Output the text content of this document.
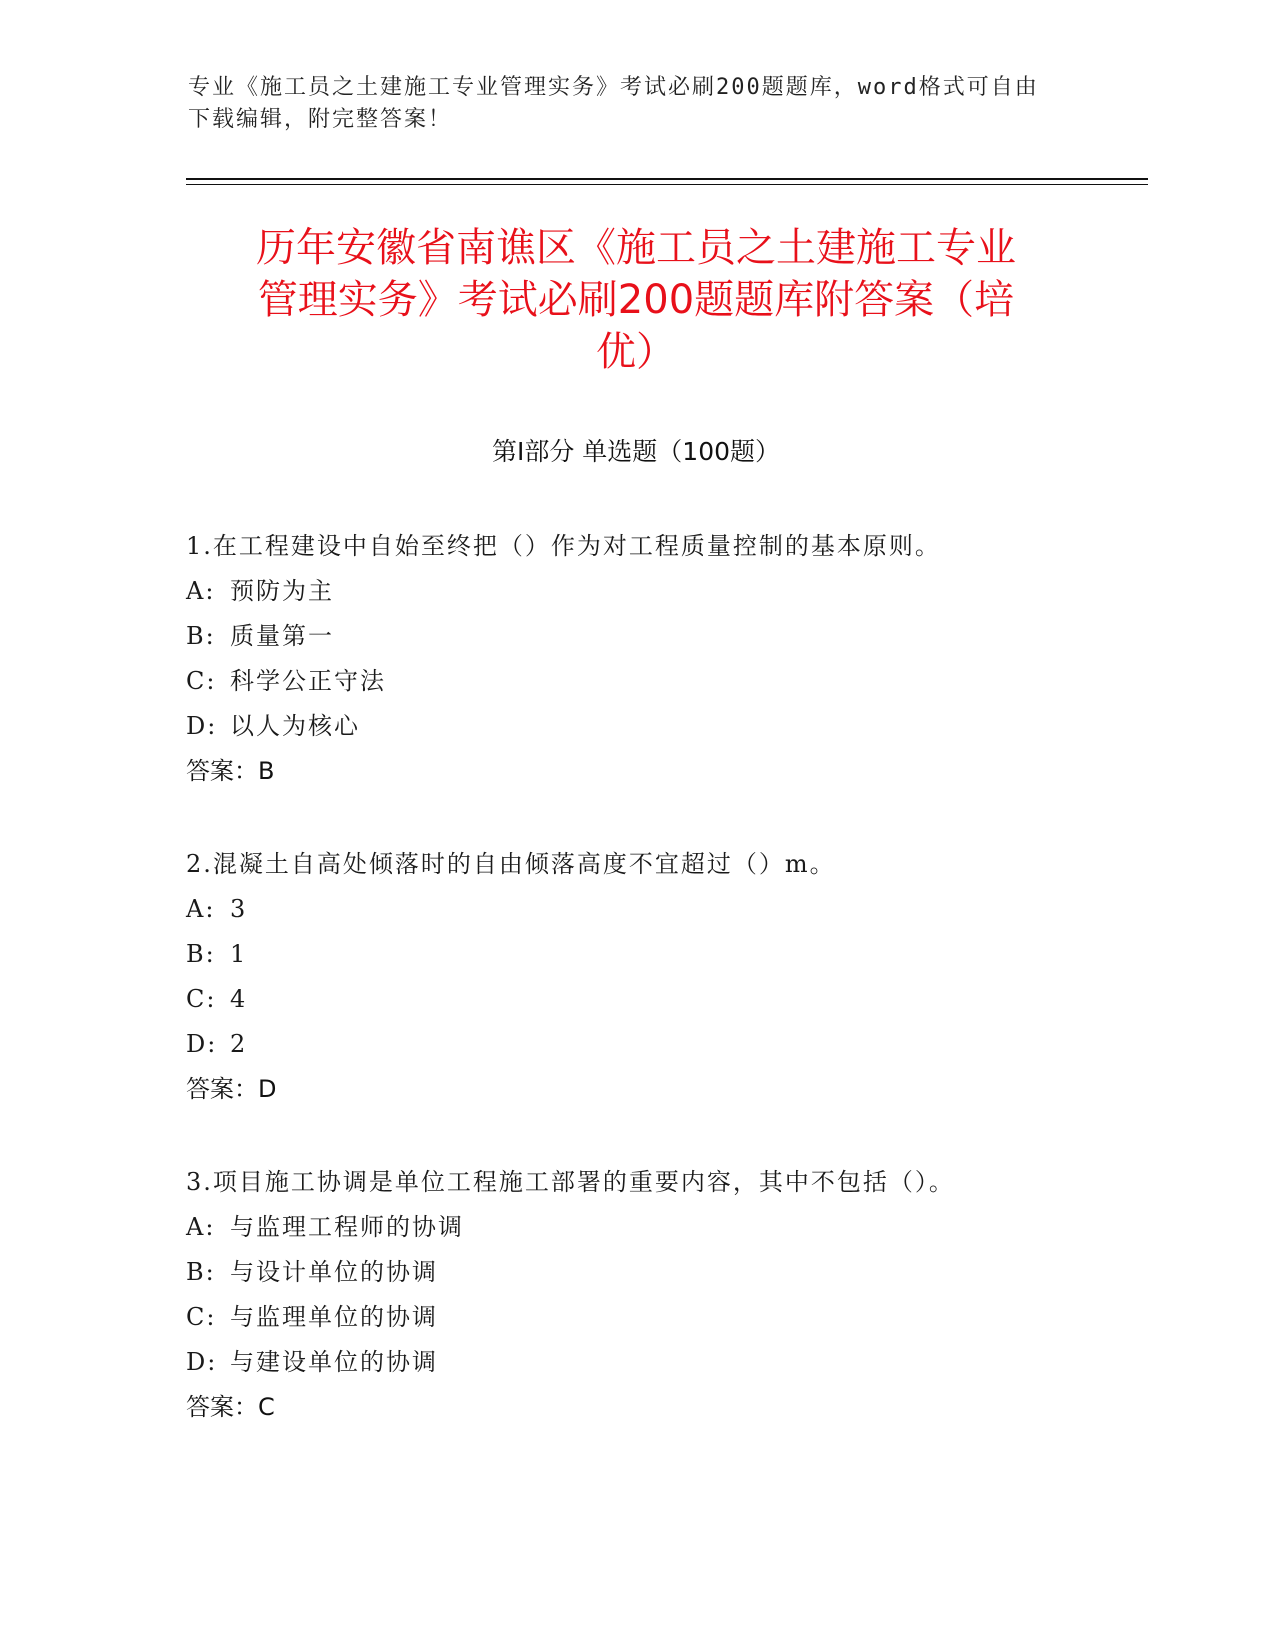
专业《施工员之土建施工专业管理实务》考试必刷200题题库，word格式可自由
下载编辑，附完整答案！
历年安徽省南谯区《施工员之土建施工专业
管理实务》考试必刷200题题库附答案（培
优）
第Ⅰ部分 单选题（100题）
1.在工程建设中自始至终把（）作为对工程质量控制的基本原则。
A: 预防为主
B: 质量第一
C: 科学公正守法
D: 以人为核心
答案：B
2.混凝土自高处倾落时的自由倾落高度不宜超过（）m。
A: 3
B: 1
C: 4
D: 2
答案：D
3.项目施工协调是单位工程施工部署的重要内容，其中不包括（）。
A: 与监理工程师的协调
B: 与设计单位的协调
C: 与监理单位的协调
D: 与建设单位的协调
答案：C
